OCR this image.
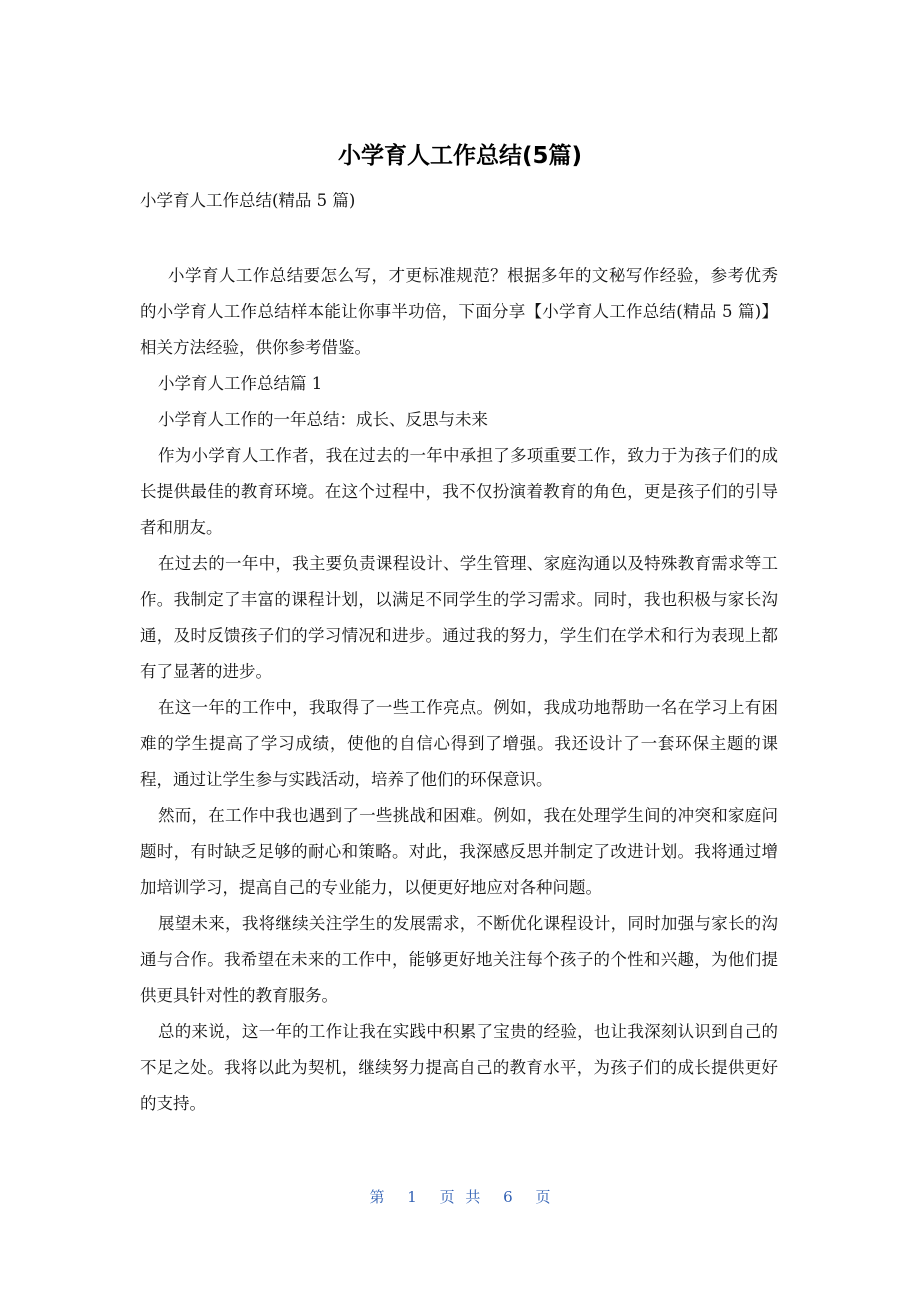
小学育人工作总结(5篇)
小学育人工作总结(精品 5 篇)

小学育人工作总结要怎么写，才更标准规范？根据多年的文秘写作经验，参考优秀的小学育人工作总结样本能让你事半功倍，下面分享【小学育人工作总结(精品 5 篇)】相关方法经验，供你参考借鉴。

小学育人工作总结篇 1

小学育人工作的一年总结：成长、反思与未来

作为小学育人工作者，我在过去的一年中承担了多项重要工作，致力于为孩子们的成长提供最佳的教育环境。在这个过程中，我不仅扮演着教育的角色，更是孩子们的引导者和朋友。

在过去的一年中，我主要负责课程设计、学生管理、家庭沟通以及特殊教育需求等工作。我制定了丰富的课程计划，以满足不同学生的学习需求。同时，我也积极与家长沟通，及时反馈孩子们的学习情况和进步。通过我的努力，学生们在学术和行为表现上都有了显著的进步。

在这一年的工作中，我取得了一些工作亮点。例如，我成功地帮助一名在学习上有困难的学生提高了学习成绩，使他的自信心得到了增强。我还设计了一套环保主题的课程，通过让学生参与实践活动，培养了他们的环保意识。

然而，在工作中我也遇到了一些挑战和困难。例如，我在处理学生间的冲突和家庭问题时，有时缺乏足够的耐心和策略。对此，我深感反思并制定了改进计划。我将通过增加培训学习，提高自己的专业能力，以便更好地应对各种问题。

展望未来，我将继续关注学生的发展需求，不断优化课程设计，同时加强与家长的沟通与合作。我希望在未来的工作中，能够更好地关注每个孩子的个性和兴趣，为他们提供更具针对性的教育服务。

总的来说，这一年的工作让我在实践中积累了宝贵的经验，也让我深刻认识到自己的不足之处。我将以此为契机，继续努力提高自己的教育水平，为孩子们的成长提供更好的支持。

第 1 页 共 6 页
